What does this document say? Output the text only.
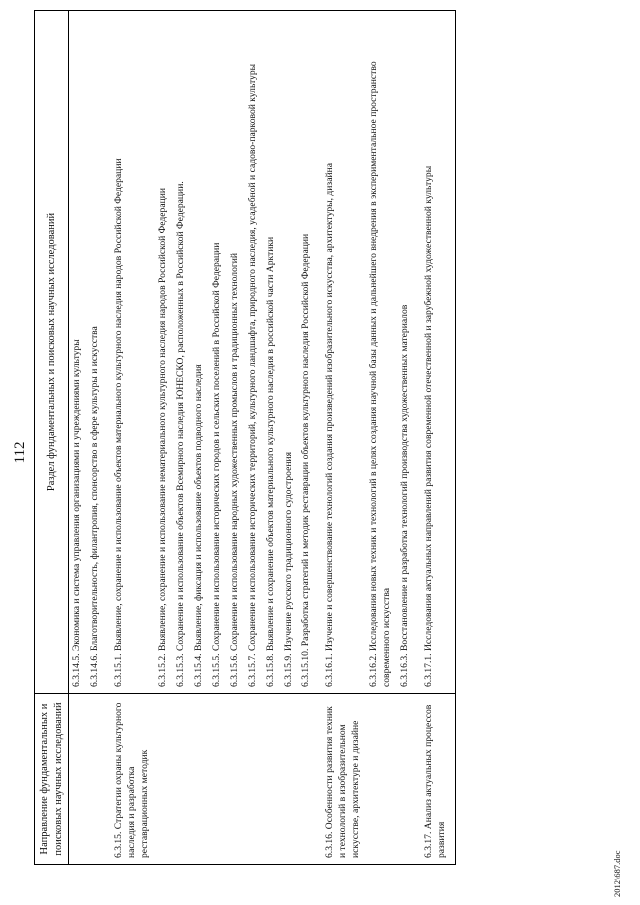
112
Направление фундаментальных и поисковых научных исследований	Раздел фундаментальных и поисковых научных исследований
	6.3.14.5. Экономика и система управления организациями и учреждениями культуры
	6.3.14.6. Благотворительность, филантропия, спонсорство в сфере культуры и искусства
6.3.15. Стратегии охраны культурного наследия и разработка реставрационных методик	6.3.15.1. Выявление, сохранение и использование объектов материального культурного наследия народов Российской Федерации
	6.3.15.2. Выявление, сохранение и использование нематериального культурного наследия народов Российской Федерации
	6.3.15.3. Сохранение и использование объектов Всемирного наследия ЮНЕСКО, расположенных в Российской Федерации.
	6.3.15.4. Выявление, фиксация и использование объектов подводного наследия
	6.3.15.5. Сохранение и использование исторических городов и сельских поселений в Российской Федерации
	6.3.15.6. Сохранение и использование народных художественных промыслов и традиционных технологий
	6.3.15.7. Сохранение и использование исторических территорий, культурного ландшафта, природного наследия, усадебной и садово-парковой культуры
	6.3.15.8. Выявление и сохранение объектов материального культурного наследия в российской части Арктики
	6.3.15.9. Изучение русского традиционного судостроения
	6.3.15.10. Разработка стратегий и методик реставрации объектов культурного наследия Российской Федерации
6.3.16. Особенности развития техник и технологий в изобразительном искусстве, архитектуре и дизайне	6.3.16.1. Изучение и совершенствование технологий создания произведений изобразительного искусства, архитектуры, дизайна
	6.3.16.2. Исследования новых техник и технологий в целях создания научной базы данных и дальнейшего внедрения в экспериментальное пространство современного искусства
	6.3.16.3. Восстановление и разработка технологий производства художественных материалов
6.3.17. Анализ актуальных процессов развития	6.3.17.1. Исследования актуальных направлений развития современной отечественной и зарубежной художественной культуры
2012\687.doc
